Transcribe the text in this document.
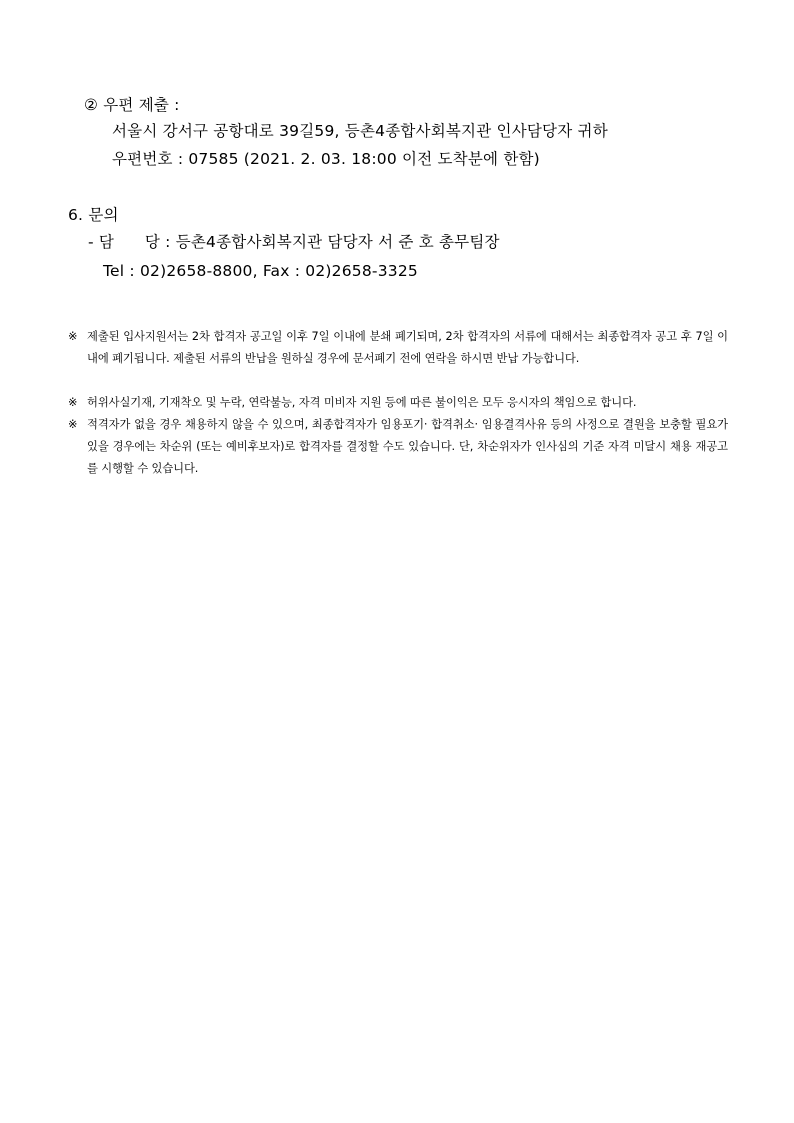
② 우편 제출 :
서울시 강서구 공항대로 39길59, 등촌4종합사회복지관 인사담당자 귀하
우편번호 : 07585 (2021. 2. 03. 18:00 이전 도착분에 한함)
6. 문의
- 담      당 : 등촌4종합사회복지관 담당자 서 준 호 총무팀장
Tel : 02)2658-8800, Fax : 02)2658-3325
※ 제출된 입사지원서는 2차 합격자 공고일 이후 7일 이내에 분쇄 폐기되며, 2차 합격자의 서류에 대해서는 최종합격자 공고 후 7일 이내에 폐기됩니다. 제출된 서류의 반납을 원하실 경우에 문서폐기 전에 연락을 하시면 반납 가능합니다.
※ 허위사실기재, 기재착오 및 누락, 연락불능, 자격 미비자 지원 등에 따른 불이익은 모두 응시자의 책임으로 합니다.
※ 적격자가 없을 경우 채용하지 않을 수 있으며, 최종합격자가 임용포기· 합격취소· 임용결격사유 등의 사정으로 결원을 보충할 필요가 있을 경우에는 차순위 (또는 예비후보자)로 합격자를 결정할 수도 있습니다. 단, 차순위자가 인사심의 기준 자격 미달시 채용 재공고를 시행할 수 있습니다.
